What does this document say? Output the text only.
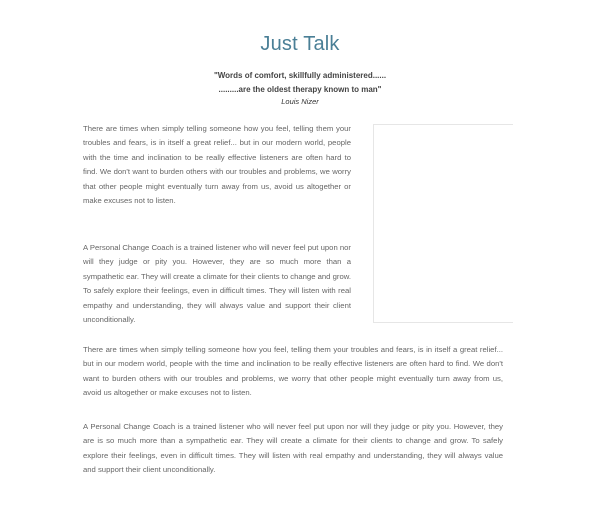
Just Talk
"Words of comfort, skillfully administered......
.........are the oldest therapy known to man"
Louis Nizer

There are times when simply telling someone how you feel, telling them your troubles and fears, is in itself a great relief... but in our modern world, people with the time and inclination to be really effective listeners are often hard to find. We don't want to burden others with our troubles and problems, we worry that other people might eventually turn away from us, avoid us altogether or make excuses not to listen.

A Personal Change Coach is a trained listener who will never feel put upon nor will they judge or pity you. However, they are so much more than a sympathetic ear. They will create a climate for their clients to change and grow. To safely explore their feelings, even in difficult times. They will listen with real empathy and understanding, they will always value and support their client unconditionally.

There are times when simply telling someone how you feel, telling them your troubles and fears, is in itself a great relief... but in our modern world, people with the time and inclination to be really effective listeners are often hard to find. We don't want to burden others with our troubles and problems, we worry that other people might eventually turn away from us, avoid us altogether or make excuses not to listen.

A Personal Change Coach is a trained listener who will never feel put upon nor will they judge or pity you. However, they are is so much more than a sympathetic ear. They will create a climate for their clients to change and grow. To safely explore their feelings, even in difficult times. They will listen with real empathy and understanding, they will always value and support their client unconditionally.
